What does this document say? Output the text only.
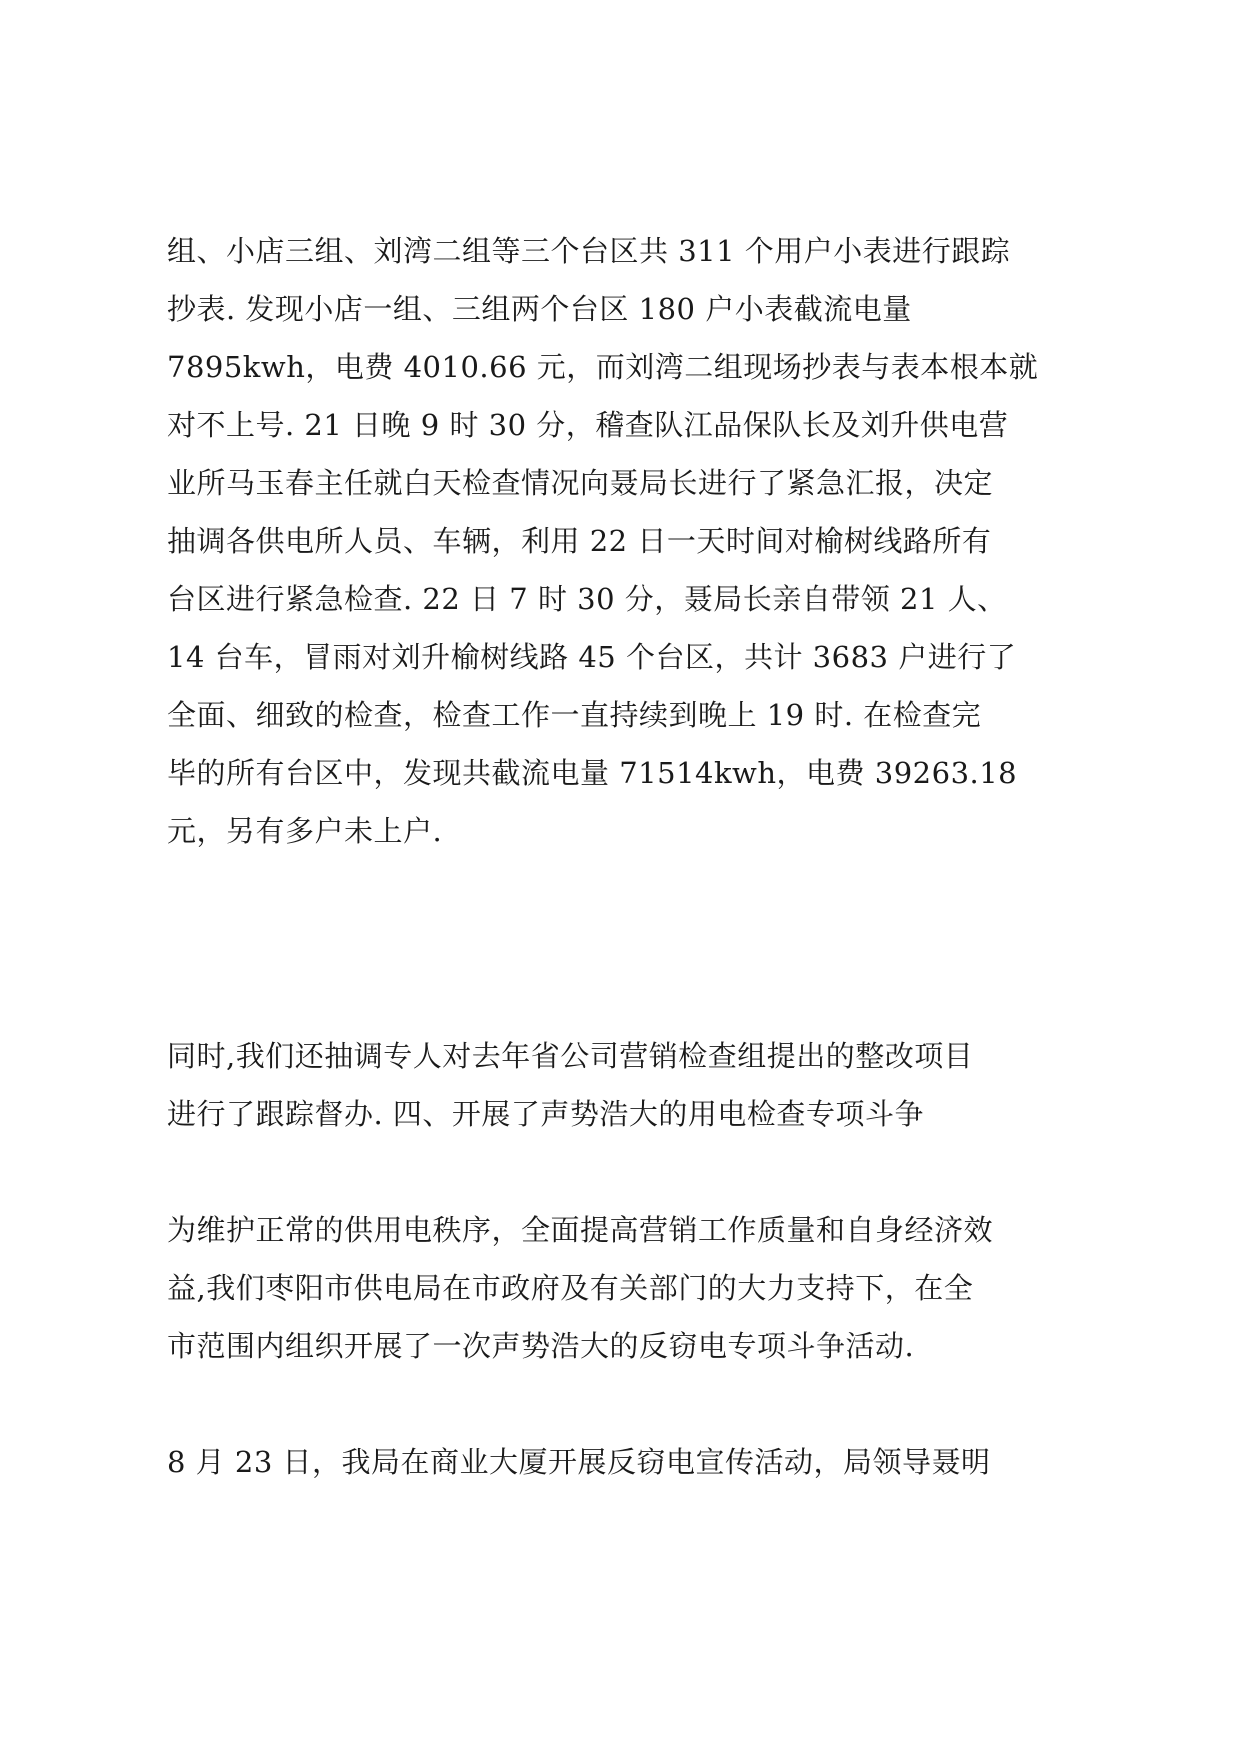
组、小店三组、刘湾二组等三个台区共 311 个用户小表进行跟踪
抄表. 发现小店一组、三组两个台区 180 户小表截流电量
7895kwh，电费 4010.66 元，而刘湾二组现场抄表与表本根本就
对不上号. 21 日晚 9 时 30 分，稽查队江品保队长及刘升供电营
业所马玉春主任就白天检查情况向聂局长进行了紧急汇报，决定
抽调各供电所人员、车辆，利用 22 日一天时间对榆树线路所有
台区进行紧急检查. 22 日 7 时 30 分，聂局长亲自带领 21 人、
14 台车，冒雨对刘升榆树线路 45 个台区，共计 3683 户进行了
全面、细致的检查，检查工作一直持续到晚上 19 时. 在检查完
毕的所有台区中，发现共截流电量 71514kwh，电费 39263.18
元，另有多户未上户.
同时,我们还抽调专人对去年省公司营销检查组提出的整改项目
进行了跟踪督办. 四、开展了声势浩大的用电检查专项斗争
为维护正常的供用电秩序，全面提高营销工作质量和自身经济效
益,我们枣阳市供电局在市政府及有关部门的大力支持下，在全
市范围内组织开展了一次声势浩大的反窃电专项斗争活动.
8 月 23 日，我局在商业大厦开展反窃电宣传活动，局领导聂明
